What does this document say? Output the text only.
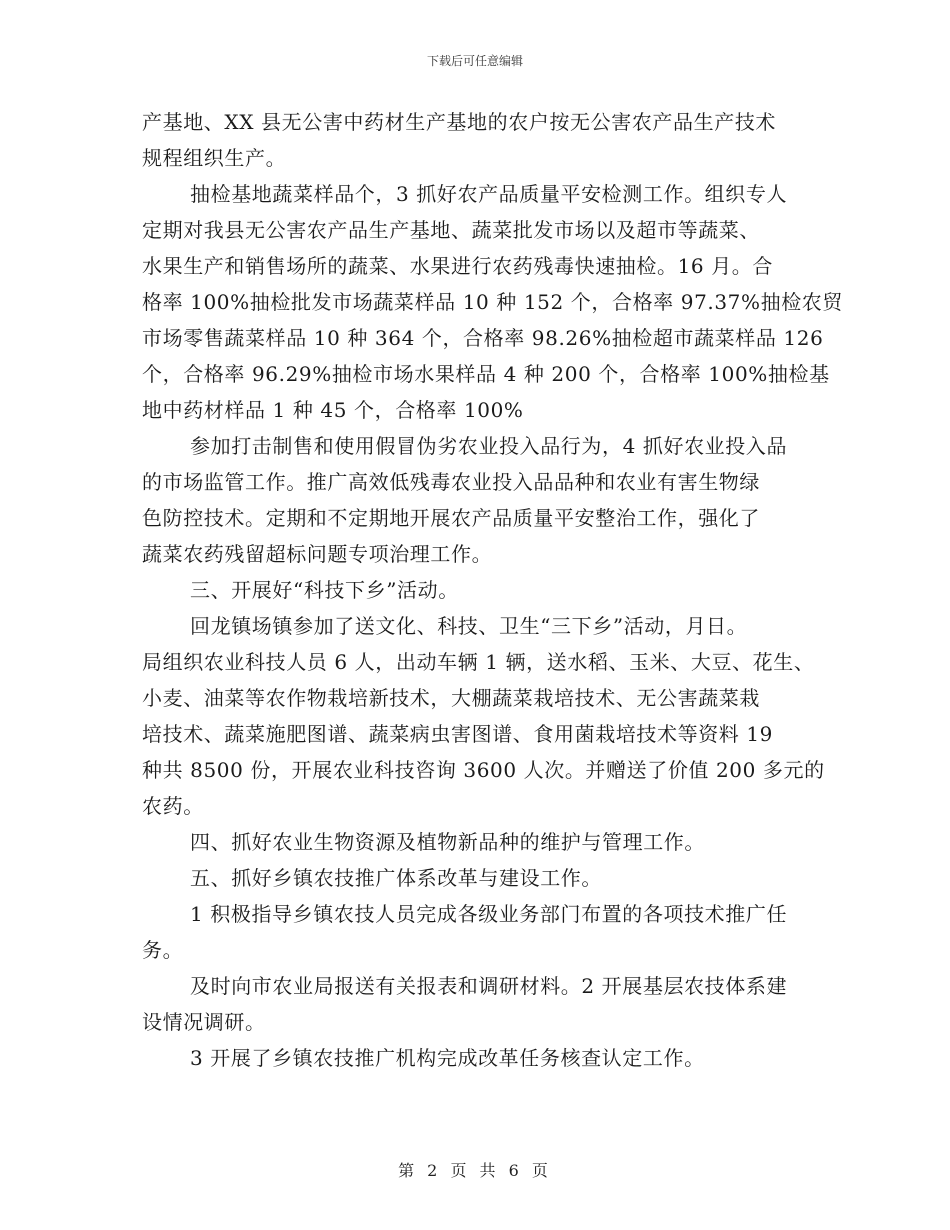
下载后可任意编辑
产基地、XX 县无公害中药材生产基地的农户按无公害农产品生产技术
规程组织生产。
抽检基地蔬菜样品个，3 抓好农产品质量平安检测工作。组织专人
定期对我县无公害农产品生产基地、蔬菜批发市场以及超市等蔬菜、
水果生产和销售场所的蔬菜、水果进行农药残毒快速抽检。16 月。合
格率 100%抽检批发市场蔬菜样品 10 种 152 个，合格率 97.37%抽检农贸
市场零售蔬菜样品 10 种 364 个，合格率 98.26%抽检超市蔬菜样品 126
个，合格率 96.29%抽检市场水果样品 4 种 200 个，合格率 100%抽检基
地中药材样品 1 种 45 个，合格率 100%
参加打击制售和使用假冒伪劣农业投入品行为，4 抓好农业投入品
的市场监管工作。推广高效低残毒农业投入品品种和农业有害生物绿
色防控技术。定期和不定期地开展农产品质量平安整治工作，强化了
蔬菜农药残留超标问题专项治理工作。
三、开展好“科技下乡”活动。
回龙镇场镇参加了送文化、科技、卫生“三下乡”活动，月日。
局组织农业科技人员 6 人，出动车辆 1 辆，送水稻、玉米、大豆、花生、
小麦、油菜等农作物栽培新技术，大棚蔬菜栽培技术、无公害蔬菜栽
培技术、蔬菜施肥图谱、蔬菜病虫害图谱、食用菌栽培技术等资料 19
种共 8500 份，开展农业科技咨询 3600 人次。并赠送了价值 200 多元的
农药。
四、抓好农业生物资源及植物新品种的维护与管理工作。
五、抓好乡镇农技推广体系改革与建设工作。
1 积极指导乡镇农技人员完成各级业务部门布置的各项技术推广任
务。
及时向市农业局报送有关报表和调研材料。2 开展基层农技体系建
设情况调研。
3 开展了乡镇农技推广机构完成改革任务核查认定工作。
第 2 页 共 6 页
